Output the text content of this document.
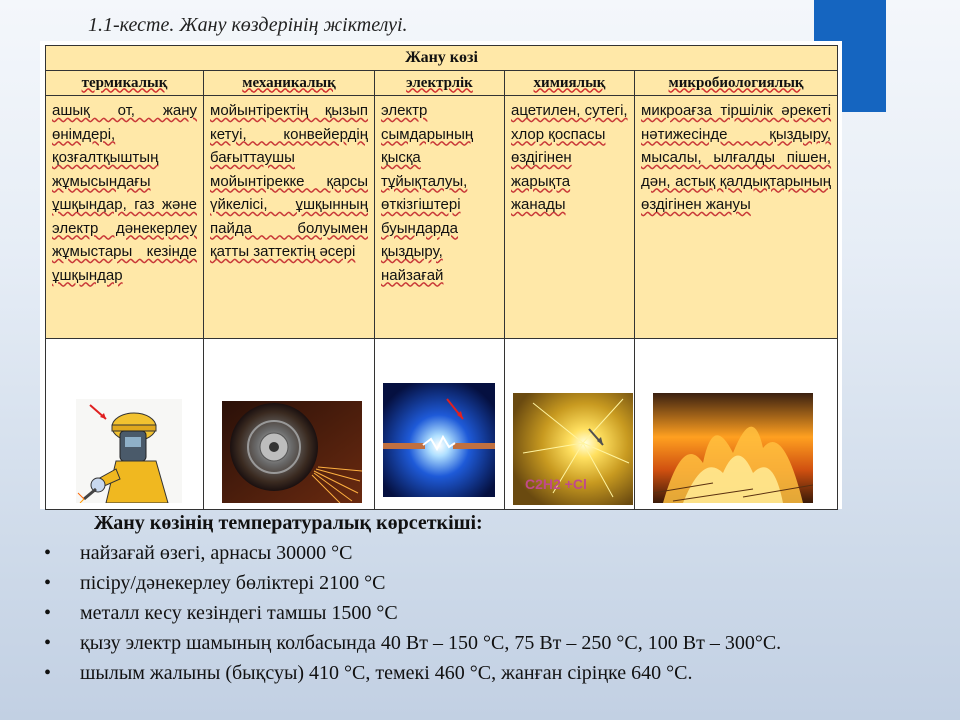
1.1-кесте. Жану көздерінің жіктелуі.
Жану көзі				
термикалық	механикалық	электрлік	химиялық	микробиологиялық

ашық от, жану өнімдері, қозғалтқыштың жұмысындағы ұшқындар, газ және электр дәнекерлеу жұмыстары кезінде ұшқындар	мойынтіректің қызып кетуі, конвейердің бағыттаушы мойынтіреккe қарсы үйкелісі, ұшқынның пайда болуымен қатты заттектің әсері	электр сымдарының қысқа тұйықталуы, өткізгіштері буындарда қыздыру, найзағай	ацетилен, сутегі, хлор қоспасы өздігінен жарықта жанады	микроағза тіршілік әрекеті нәтижесінде қыздыру, мысалы, ылғалды пішен, дән, астық қалдықтарының өздігінен жануы

C2H2 +Cl

Жану көзінің температуралық көрсеткіші:
• найзағай өзегі, арнасы 30000 °С
• пісіру/дәнекерлеу бөліктері 2100 °С
• металл кесу кезіндегі тамшы 1500 °С
• қызу электр шамының колбасында 40 Вт – 150 °С, 75 Вт – 250 °С, 100 Вт – 300°С.
• шылым жалыны (бықсуы) 410 °С, темекі 460 °С, жанған сіріңке 640 °С.
